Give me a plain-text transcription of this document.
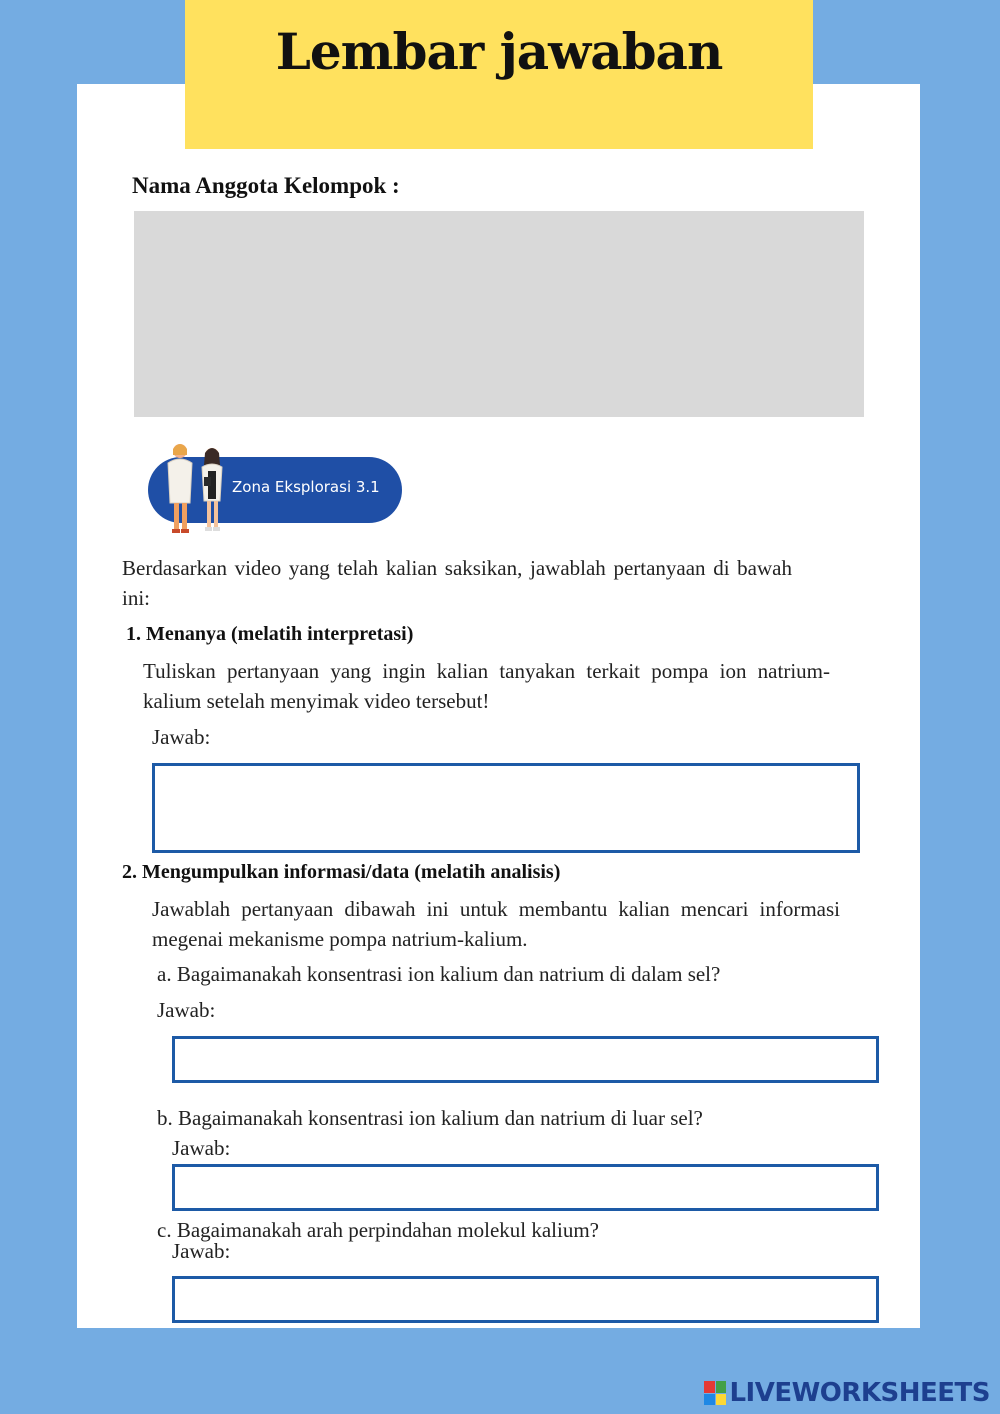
Lembar jawaban

Nama Anggota Kelompok :

Zona Eksplorasi 3.1

Berdasarkan video yang telah kalian saksikan, jawablah pertanyaan di bawah ini:

1. Menanya (melatih interpretasi)

Tuliskan pertanyaan yang ingin kalian tanyakan terkait pompa ion natrium-kalium setelah menyimak video tersebut!

Jawab:

2. Mengumpulkan informasi/data (melatih analisis)

Jawablah pertanyaan dibawah ini untuk membantu kalian mencari informasi megenai mekanisme pompa natrium-kalium.

a. Bagaimanakah konsentrasi ion kalium dan natrium di dalam sel?

Jawab:

b. Bagaimanakah konsentrasi ion kalium dan natrium di luar sel?

Jawab:

c. Bagaimanakah arah perpindahan molekul kalium?

Jawab:

LIVEWORKSHEETS
